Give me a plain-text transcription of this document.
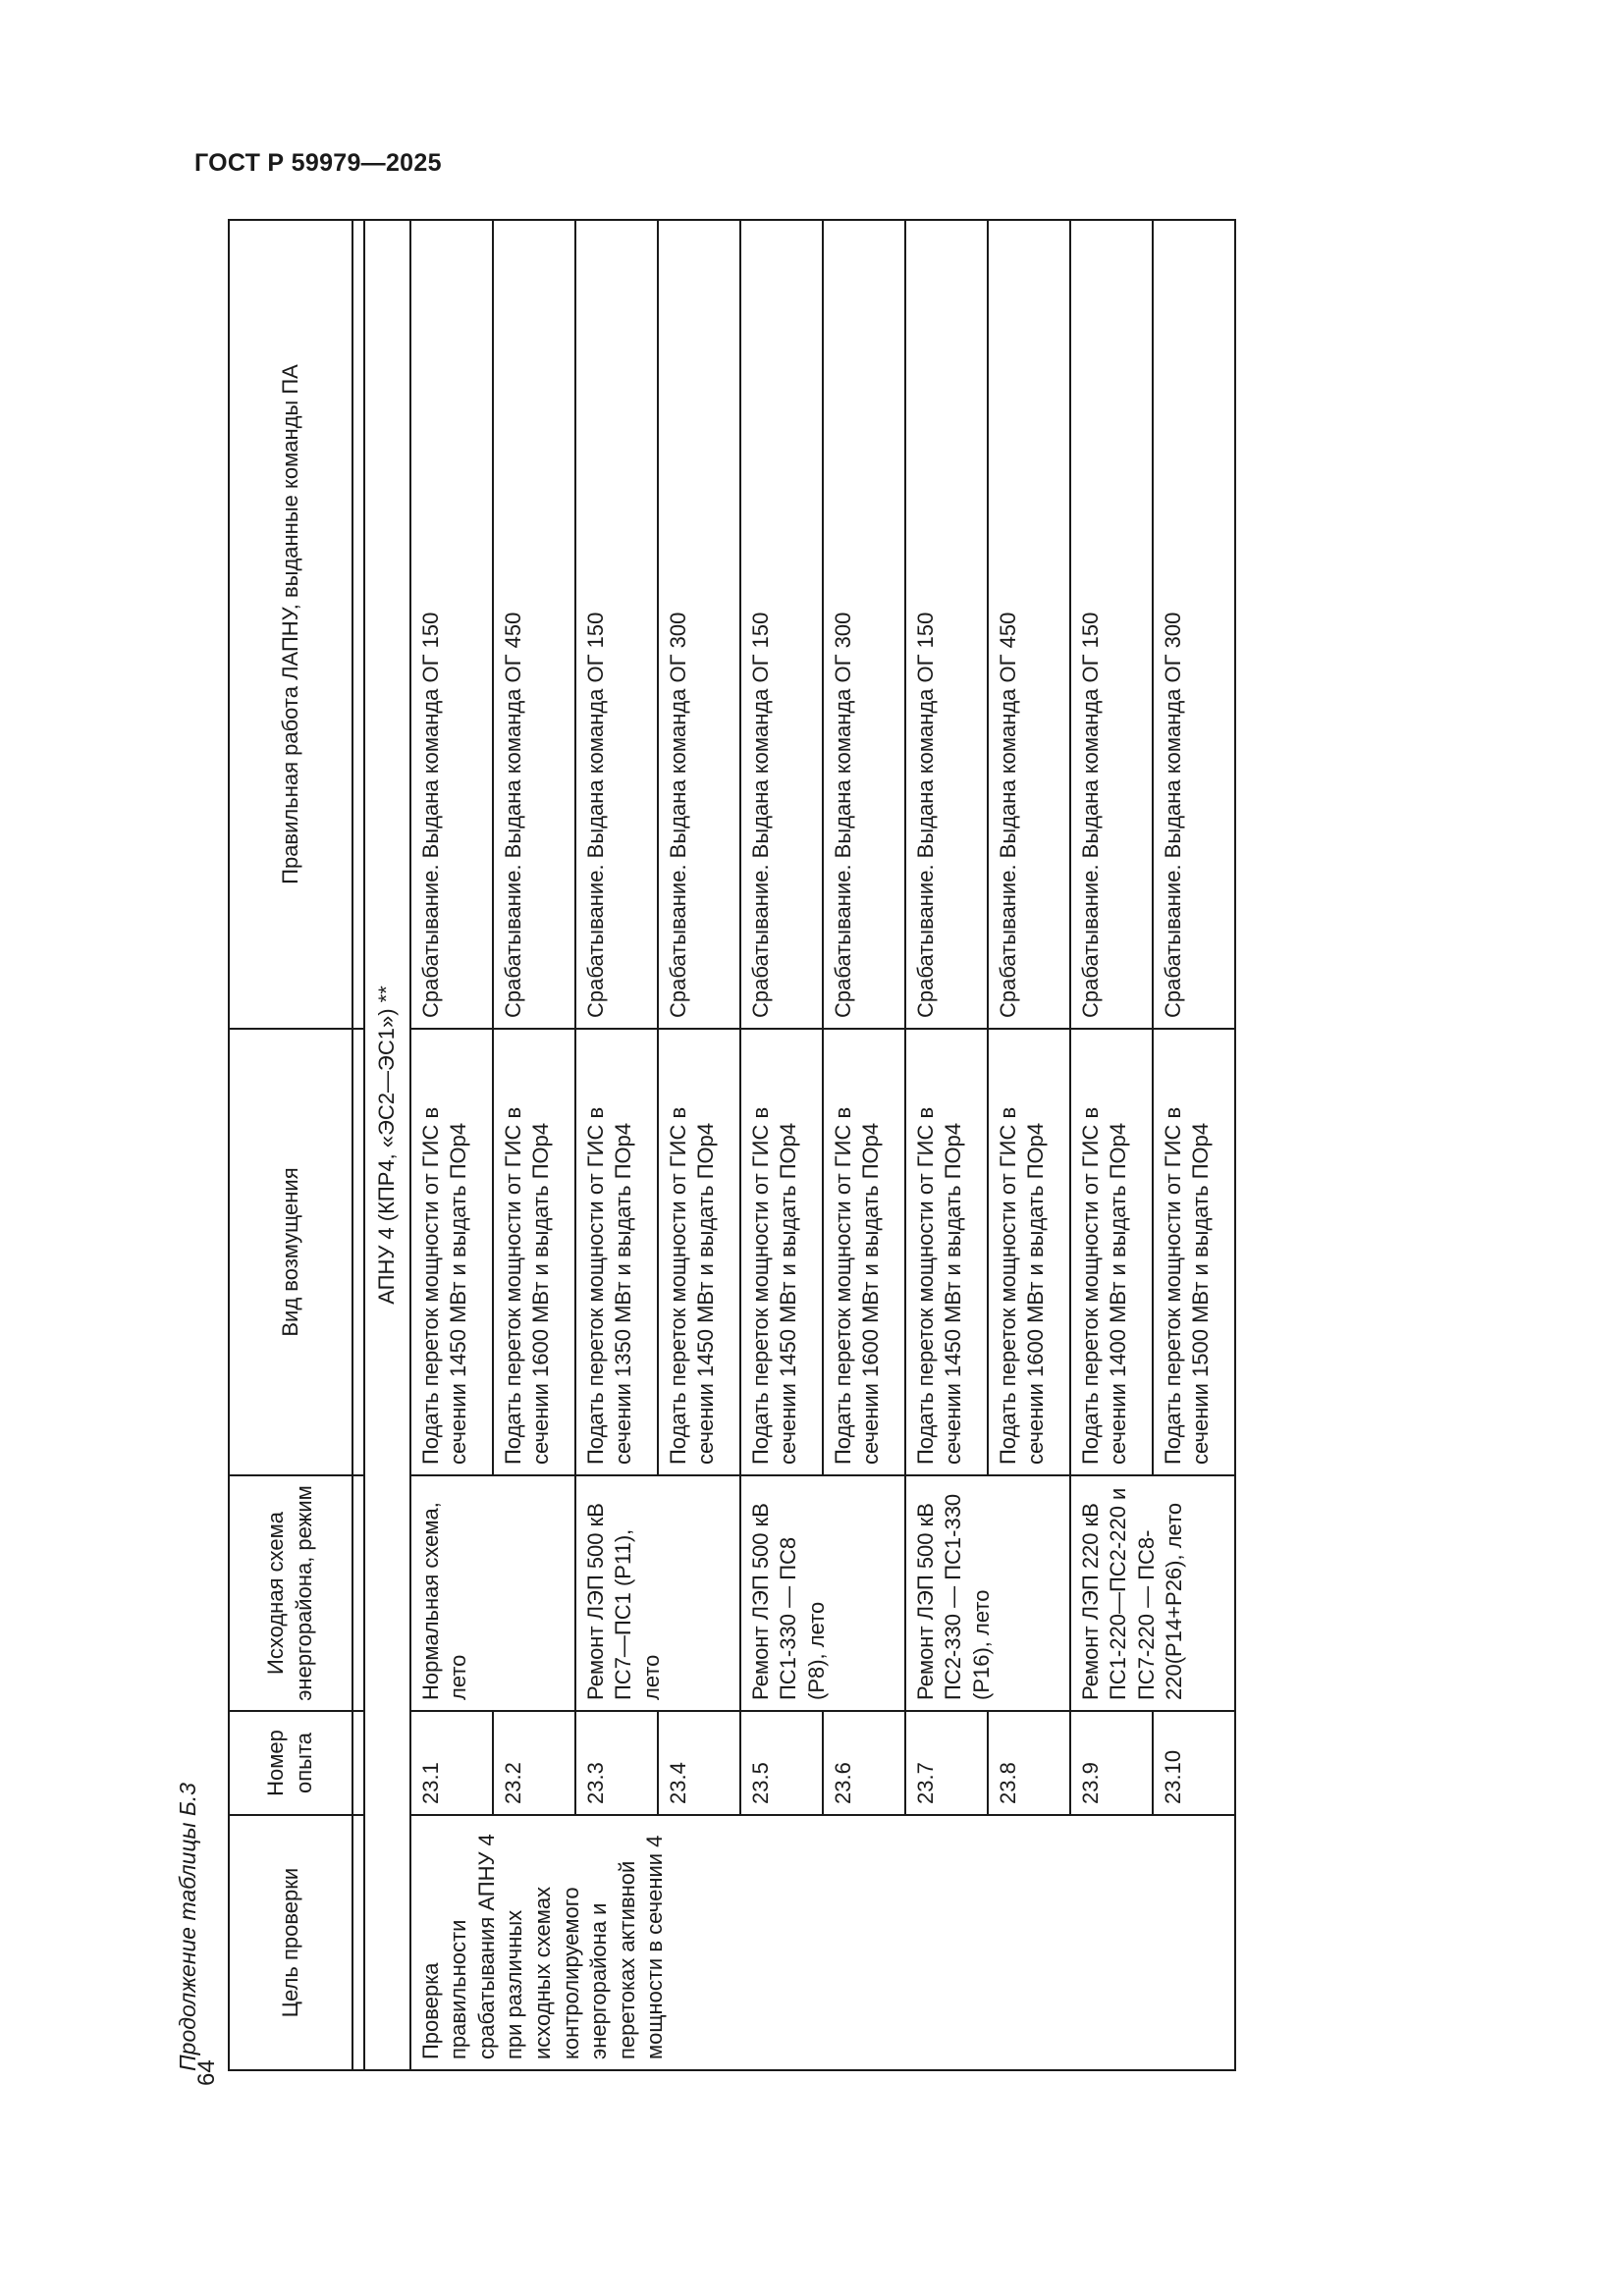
ГОСТ Р 59979—2025
64
Продолжение таблицы Б.3	Цель проверки	Номер опыта	Исходная схема энергорайона, режим	Вид возмущения	Правильная работа ЛАПНУ, выданные команды ПА

АПНУ 4 (КПР4, «ЭС2—ЭС1») **				
Проверка правильности срабатывания АПНУ 4 при различных исходных схемах контролируемого энергорайона и перетоках активной мощности в сечении 4	23.1	Нормальная схема, лето	Подать переток мощности от ГИС в сечении 1450 МВт и выдать ПОр4	Срабатывание. Выдана команда ОГ 150
	23.2		Подать переток мощности от ГИС в сечении 1600 МВт и выдать ПОр4	Срабатывание. Выдана команда ОГ 450
	23.3	Ремонт ЛЭП 500 кВ ПС7—ПС1 (Р11), лето	Подать переток мощности от ГИС в сечении 1350 МВт и выдать ПОр4	Срабатывание. Выдана команда ОГ 150
	23.4		Подать переток мощности от ГИС в сечении 1450 МВт и выдать ПОр4	Срабатывание. Выдана команда ОГ 300
	23.5	Ремонт ЛЭП 500 кВ ПС1-330 — ПС8 (Р8), лето	Подать переток мощности от ГИС в сечении 1450 МВт и выдать ПОр4	Срабатывание. Выдана команда ОГ 150
	23.6		Подать переток мощности от ГИС в сечении 1600 МВт и выдать ПОр4	Срабатывание. Выдана команда ОГ 300
	23.7	Ремонт ЛЭП 500 кВ ПС2-330 — ПС1-330 (Р16), лето	Подать переток мощности от ГИС в сечении 1450 МВт и выдать ПОр4	Срабатывание. Выдана команда ОГ 150
	23.8		Подать переток мощности от ГИС в сечении 1600 МВт и выдать ПОр4	Срабатывание. Выдана команда ОГ 450
	23.9	Ремонт ЛЭП 220 кВ ПС1-220—ПС2-220 и ПС7-220 — ПС8-220(Р14+Р26), лето	Подать переток мощности от ГИС в сечении 1400 МВт и выдать ПОр4	Срабатывание. Выдана команда ОГ 150
	23.10		Подать переток мощности от ГИС в сечении 1500 МВт и выдать ПОр4	Срабатывание. Выдана команда ОГ 300
